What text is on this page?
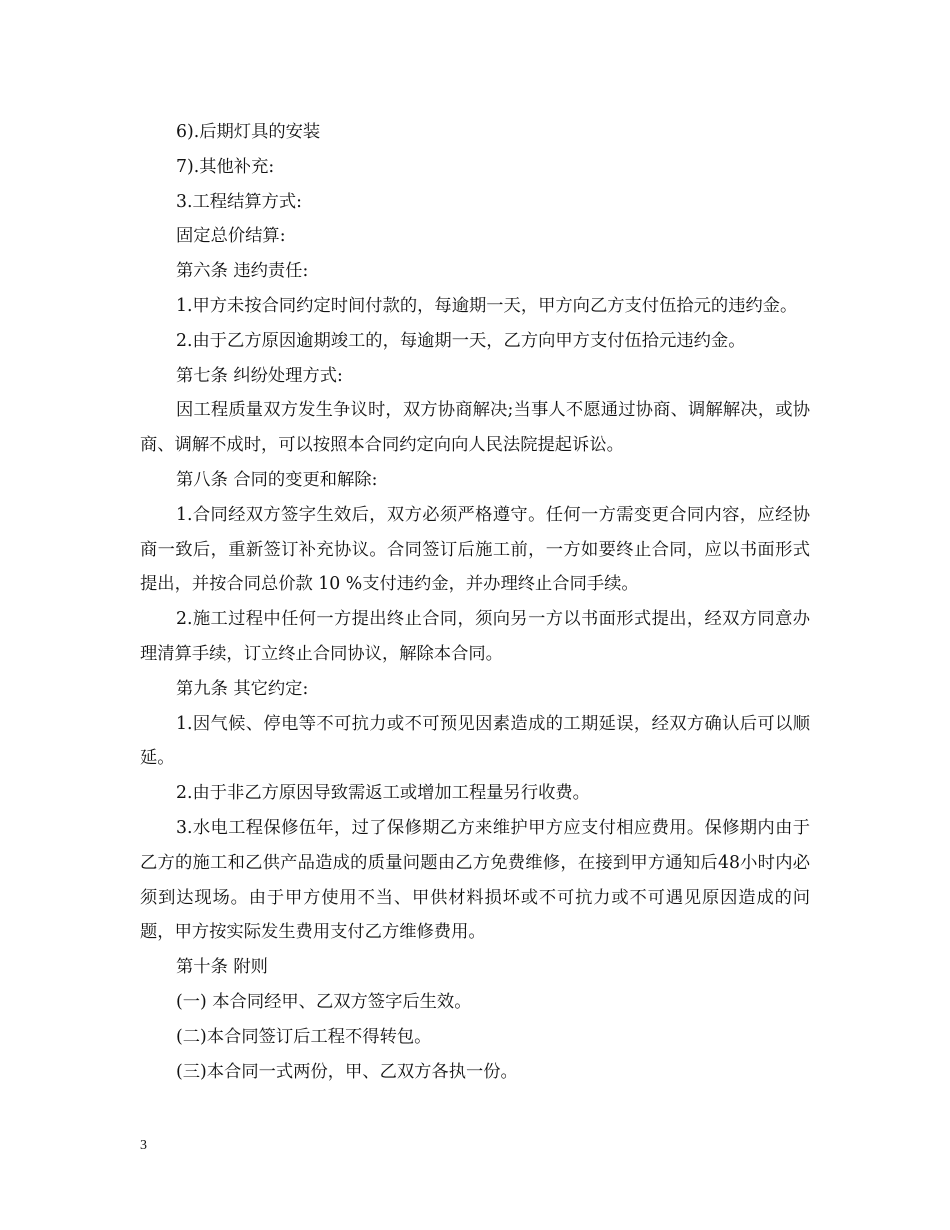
6).后期灯具的安装

7).其他补充:

3.工程结算方式:

固定总价结算:

第六条 违约责任:

1.甲方未按合同约定时间付款的，每逾期一天，甲方向乙方支付伍拾元的违约金。

2.由于乙方原因逾期竣工的，每逾期一天，乙方向甲方支付伍拾元违约金。

第七条 纠纷处理方式:

因工程质量双方发生争议时，双方协商解决;当事人不愿通过协商、调解解决，或协商、调解不成时，可以按照本合同约定向向人民法院提起诉讼。

第八条 合同的变更和解除:

1.合同经双方签字生效后，双方必须严格遵守。任何一方需变更合同内容，应经协商一致后，重新签订补充协议。合同签订后施工前，一方如要终止合同，应以书面形式提出，并按合同总价款 10 %支付违约金，并办理终止合同手续。

2.施工过程中任何一方提出终止合同，须向另一方以书面形式提出，经双方同意办理清算手续，订立终止合同协议，解除本合同。

第九条 其它约定:

1.因气候、停电等不可抗力或不可预见因素造成的工期延误，经双方确认后可以顺延。

2.由于非乙方原因导致需返工或增加工程量另行收费。

3.水电工程保修伍年，过了保修期乙方来维护甲方应支付相应费用。保修期内由于乙方的施工和乙供产品造成的质量问题由乙方免费维修，在接到甲方通知后48小时内必须到达现场。由于甲方使用不当、甲供材料损坏或不可抗力或不可遇见原因造成的问题，甲方按实际发生费用支付乙方维修费用。

第十条 附则

(一) 本合同经甲、乙双方签字后生效。

(二)本合同签订后工程不得转包。

(三)本合同一式两份，甲、乙双方各执一份。

3
